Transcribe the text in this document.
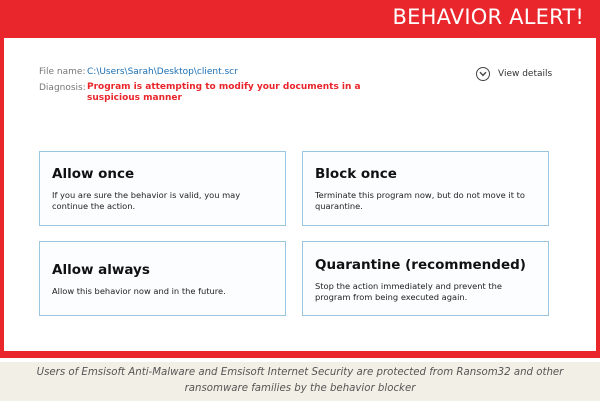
BEHAVIOR ALERT!
File name: C:\Users\Sarah\Desktop\client.scr
Diagnosis: Program is attempting to modify your documents in a suspicious manner
View details
Allow once
If you are sure the behavior is valid, you may continue the action.
Block once
Terminate this program now, but do not move it to quarantine.
Allow always
Allow this behavior now and in the future.
Quarantine (recommended)
Stop the action immediately and prevent the program from being executed again.
Users of Emsisoft Anti-Malware and Emsisoft Internet Security are protected from Ransom32 and other
ransomware families by the behavior blocker
